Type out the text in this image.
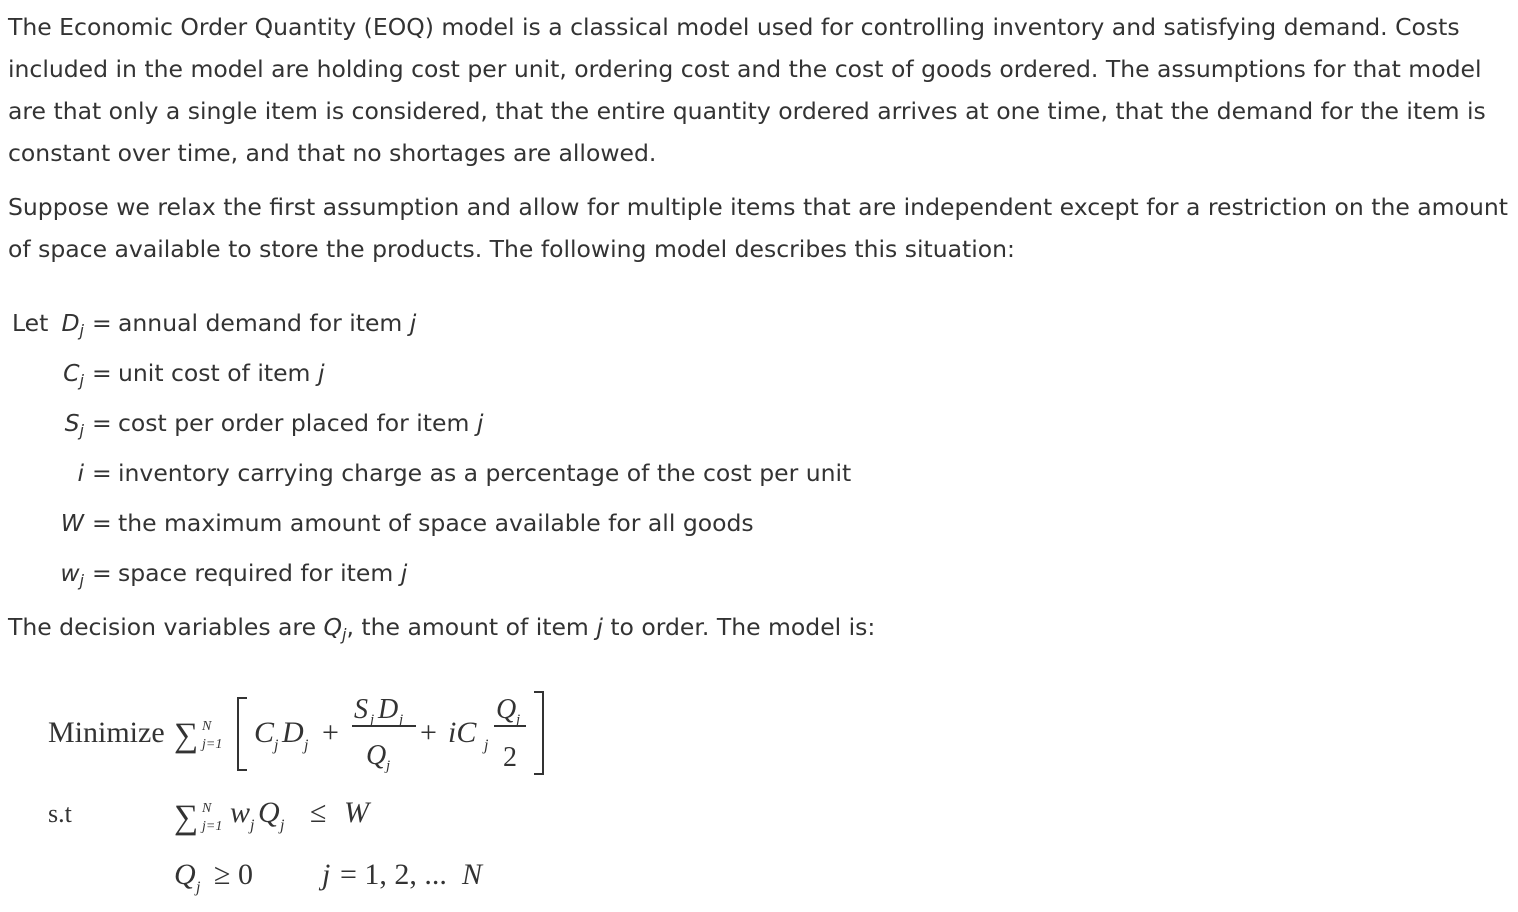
The Economic Order Quantity (EOQ) model is a classical model used for controlling inventory and satisfying demand. Costs included in the model are holding cost per unit, ordering cost and the cost of goods ordered. The assumptions for that model are that only a single item is considered, that the entire quantity ordered arrives at one time, that the demand for the item is constant over time, and that no shortages are allowed.

Suppose we relax the first assumption and allow for multiple items that are independent except for a restriction on the amount of space available to store the products. The following model describes this situation:

Let $D_j$ = annual demand for item j
$C_j$ = unit cost of item j
$S_j = \cos t$ per order placed for item j
i = inventory carrying charge as a percentage of the cost per unit
W = the maximum amount of space available for all goods
$w_j$ = space required for item j

The decision variables are $Q_j$, the amount of item j to order. The model is:

Minimize ∑ N
j=1 C j D j +
S j D j
Q j
+ iC j
Q j
2
s.t	∑ N
j=1 w j Q j ≤ W
Q j ≥ 0 j = 1, 2, ... N
